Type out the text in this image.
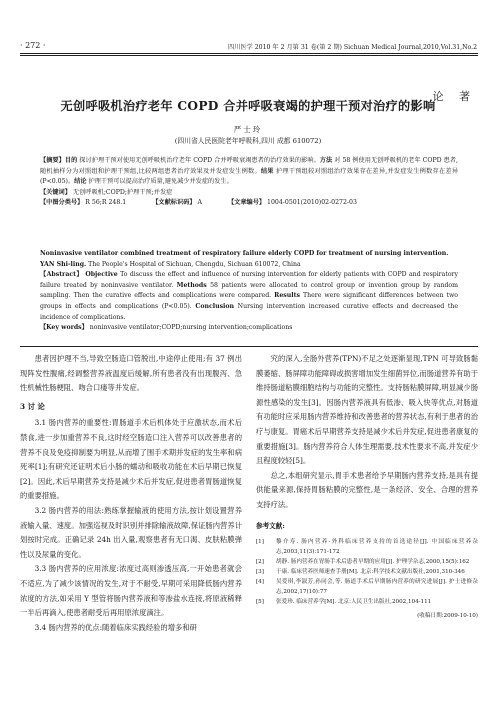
· 272 ·	四川医学 2010 年 2 月第 31 卷(第 2 期) Sichuan Medical Journal,2010,Vol.31,No.2
论 著
无创呼吸机治疗老年 COPD 合并呼吸衰竭的护理干预对治疗的影响
严士玲
(四川省人民医院老年呼吸科,四川 成都 610072)

【摘要】目的 探讨护理干预对使用无创呼吸机治疗老年 COPD 合并呼吸衰竭患者的治疗效果的影响。方法 对 58 例使用无创呼吸机的老年 COPD 患者,随机抽样分为对照组和护理干预组,比较两组患者治疗效果及并发症发生例数。结果 护理干预组较对照组治疗效果存在差异,并发症发生例数存在差异(P<0.05)。结论 护理干预可以提高治疗质量,避免减少并发症的发生。

【关键词】 无创呼吸机;COPD;护理干预;并发症

【中图分类号】 R 56;R 248.1	【文献标识码】 A	【文章编号】 1004-0501(2010)02-0272-03

Noninvasive ventilator combined treatment of respiratory failure elderly COPD for treatment of nursing intervention.

YAN Shi-ling. The People's Hospital of Sichuan, Chengdu, Sichuan 610072, China

【Abstract】 Objective To discuss the effect and influence of nursing intervention for elderly patients with COPD and respiratory failure treated by noninvasive ventilator. Methods 58 patients were allocated to control group or invention group by random sampling. Then the curative effects and complications were compared. Results There were significant differences between two groups in effects and complications (P<0.05). Conclusion Nursing intervention increased curative effects and decreased the incidence of complications.

【Key words】 noninvasive ventilator;COPD;nursing intervention;complications

患者因护理不当,导致空肠造口管脱出,中途停止使用;有 37 例出现阵发性腹痛,经调整营养液温度后缓解,所有患者没有出现腹泻、急性机械性肠梗阻、吻合口瘘等并发症。

3 讨 论

3.1 肠内营养的重要性:胃肠道手术后机体处于应激状态,而术后禁食,进一步加重营养不良,这时经空肠造口注入营养可以改善患者的营养不良及免疫抑制要为明显,从而增了围手术期并发症的发生率和病死率[1];有研究还证明术后小肠的蠕动和吸收功能在术后早期已恢复[2]。因此,术后早期营养支持是减少术后并发症,促进患者胃肠道恢复的重要措施。

3.2 肠内营养的用法:熟练掌握输液的使用方法,按计划设置营养液输入量、速度。加强巡视及时识别并排除输液故障,保证肠内营养计划按时完成。正确记录 24h 出入量,观察患者有无口渴、皮肤粘膜弹性以及尿量的变化。

3.3 肠内营养的应用浓度:浓度过高则渗透压高,一开始患者就会不适应,为了减少该情况的发生,对于不耐受,早期可采用降低肠内营养浓度的方法,如采用 Y 型管将肠内营养液和等渗盐水连接,将原液稀释一半后再滴入,使患者耐受后再用原浓度滴注。

3.4 肠内营养的优点:随着临床实践经验的增多和研

究的深入,全肠外营养(TPN)不足之处逐渐显现,TPN 可导致肠黏膜萎缩、肠屏障功能障碍或损害增加发生细菌异位,而肠道营养有助于维持肠道粘膜细胞结构与功能的完整性。支持肠粘膜屏障,明显减少肠源性感染的发生[3]。因肠内营养液具有低渗、吸入快等优点,对肠道有功能时应采用肠内营养维持和改善患者的营养状态,有利于患者的治疗与康复。胃癌术后早期营养支持是减少术后并发症,促进患者康复的重要措施[3]。肠内营养符合人体生理需要,技术性要求不高,并发症少且程度较轻[5]。

总之,本组研究显示,胃手术患者给予早期肠内营养支持,是具有提供能量来源,保持胃肠粘膜的完整性,是一条经济、安全、合理的营养支持疗法。

参考文献:

[1]	黎介寿. 肠内营养-外科临床营养支持的首选途径[J]. 中国临床营养杂志,2003,11(3):171-172
[2]	胡静. 肠内营养在胃肠手术后患者早期的应用[J]. 护理学杂志,2000,15(5):162
[3]	于康. 临床营养医师速查手册[M]. 北京:科学技术文献出版社,2001,310-346
[4]	吴爱琪,李淑芳,孙同会,等. 肠道手术后早期肠内营养的研究进展[J]. 护士进修杂志,2002,17(10):77
[5]	张爱珍. 临床营养学[M]. 北京:人民卫生出版社,2002,104-111
(收稿日期:2009-10-10)
